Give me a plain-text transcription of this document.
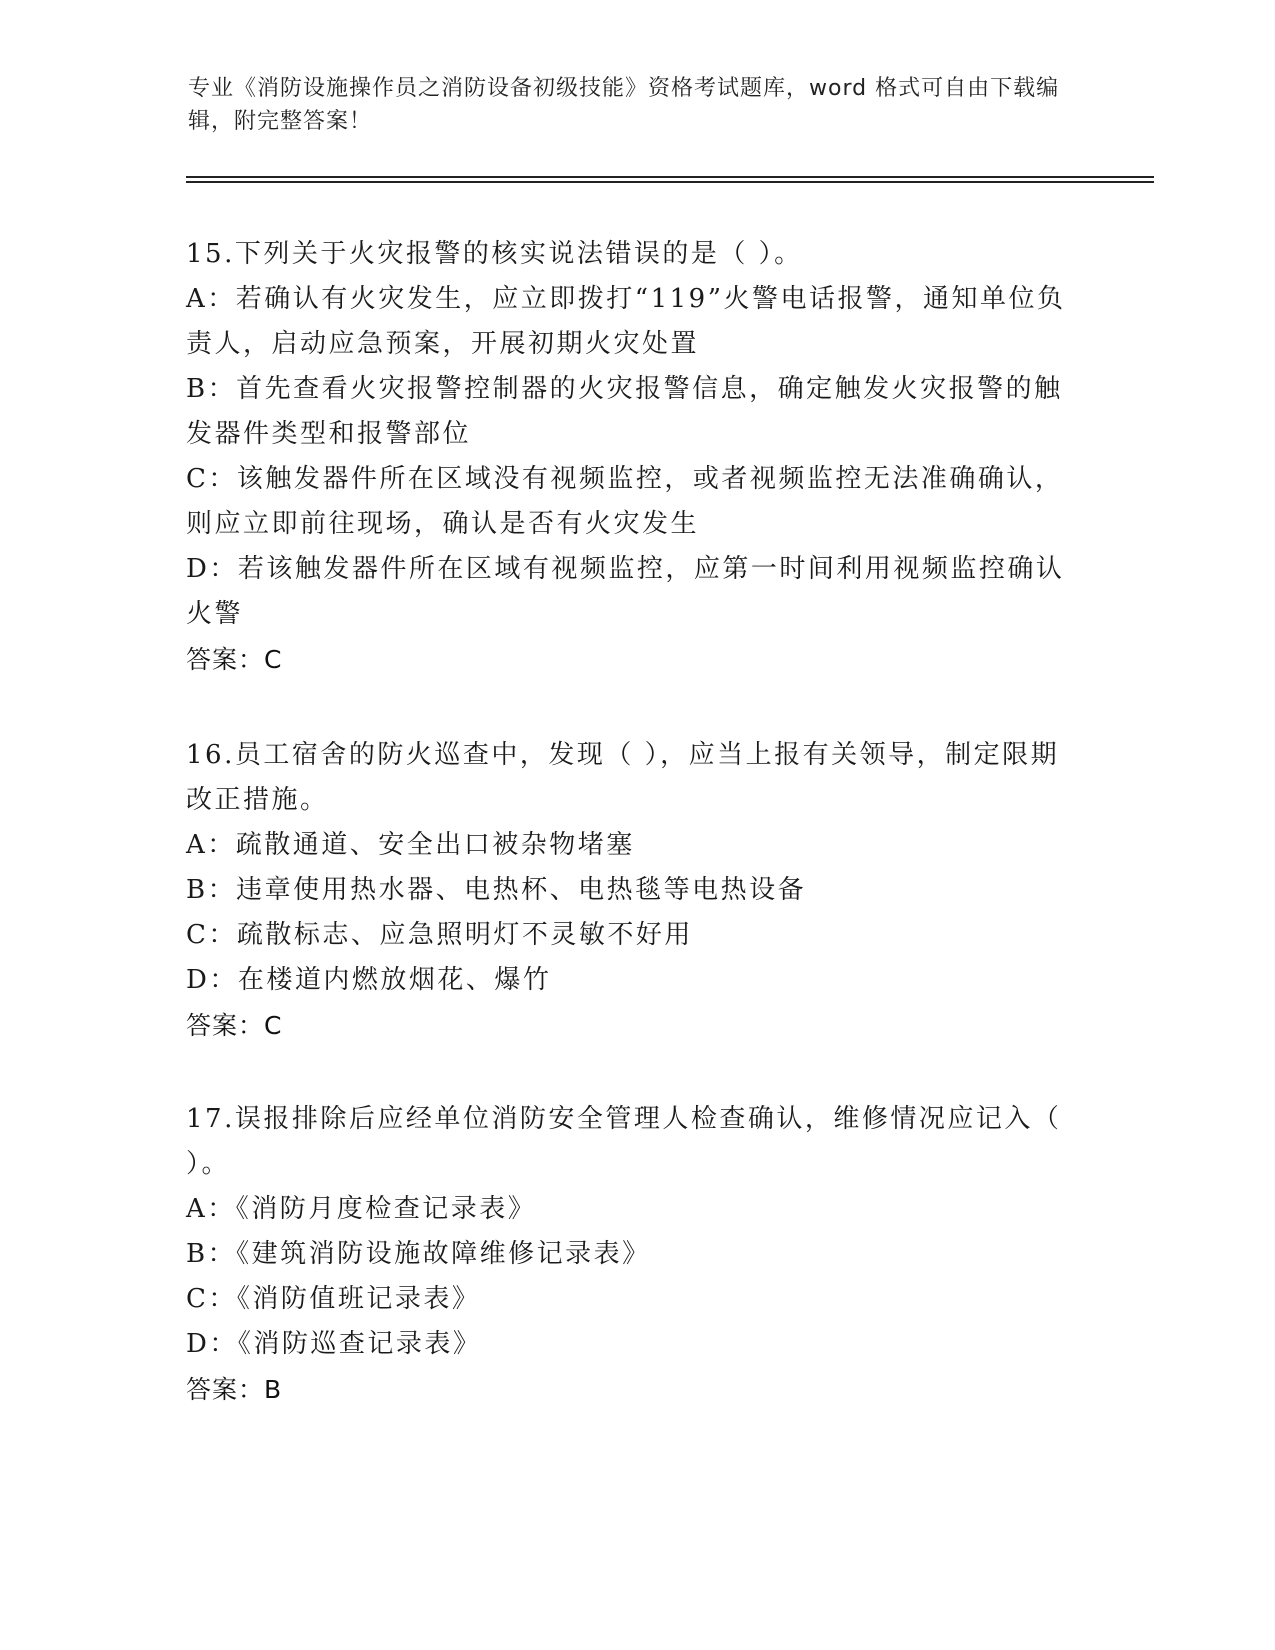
专业《消防设施操作员之消防设备初级技能》资格考试题库，word 格式可自由下载编辑，附完整答案！
15.下列关于火灾报警的核实说法错误的是（ ）。
A：若确认有火灾发生，应立即拨打“119”火警电话报警，通知单位负责人，启动应急预案，开展初期火灾处置
B：首先查看火灾报警控制器的火灾报警信息，确定触发火灾报警的触发器件类型和报警部位
C：该触发器件所在区域没有视频监控，或者视频监控无法准确确认，则应立即前往现场，确认是否有火灾发生
D：若该触发器件所在区域有视频监控，应第一时间利用视频监控确认火警
答案：C
16.员工宿舍的防火巡查中，发现（ ），应当上报有关领导，制定限期改正措施。
A：疏散通道、安全出口被杂物堵塞
B：违章使用热水器、电热杯、电热毯等电热设备
C：疏散标志、应急照明灯不灵敏不好用
D：在楼道内燃放烟花、爆竹
答案：C
17.误报排除后应经单位消防安全管理人检查确认，维修情况应记入（ ）。
A：《消防月度检查记录表》
B：《建筑消防设施故障维修记录表》
C：《消防值班记录表》
D：《消防巡查记录表》
答案：B
